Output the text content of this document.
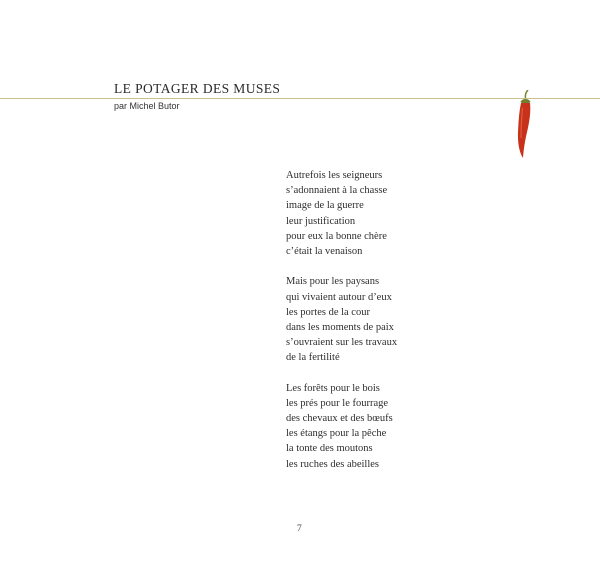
LE POTAGER DES MUSES
par Michel Butor
Autrefois les seigneurs
s’adonnaient à la chasse
image de la guerre
leur justification
pour eux la bonne chère
c’était la venaison
Mais pour les paysans
qui vivaient autour d’eux
les portes de la cour
dans les moments de paix
s’ouvraient sur les travaux
de la fertilité
Les forêts pour le bois
les prés pour le fourrage
des chevaux et des bœufs
les étangs pour la pêche
la tonte des moutons
les ruches des abeilles
7
